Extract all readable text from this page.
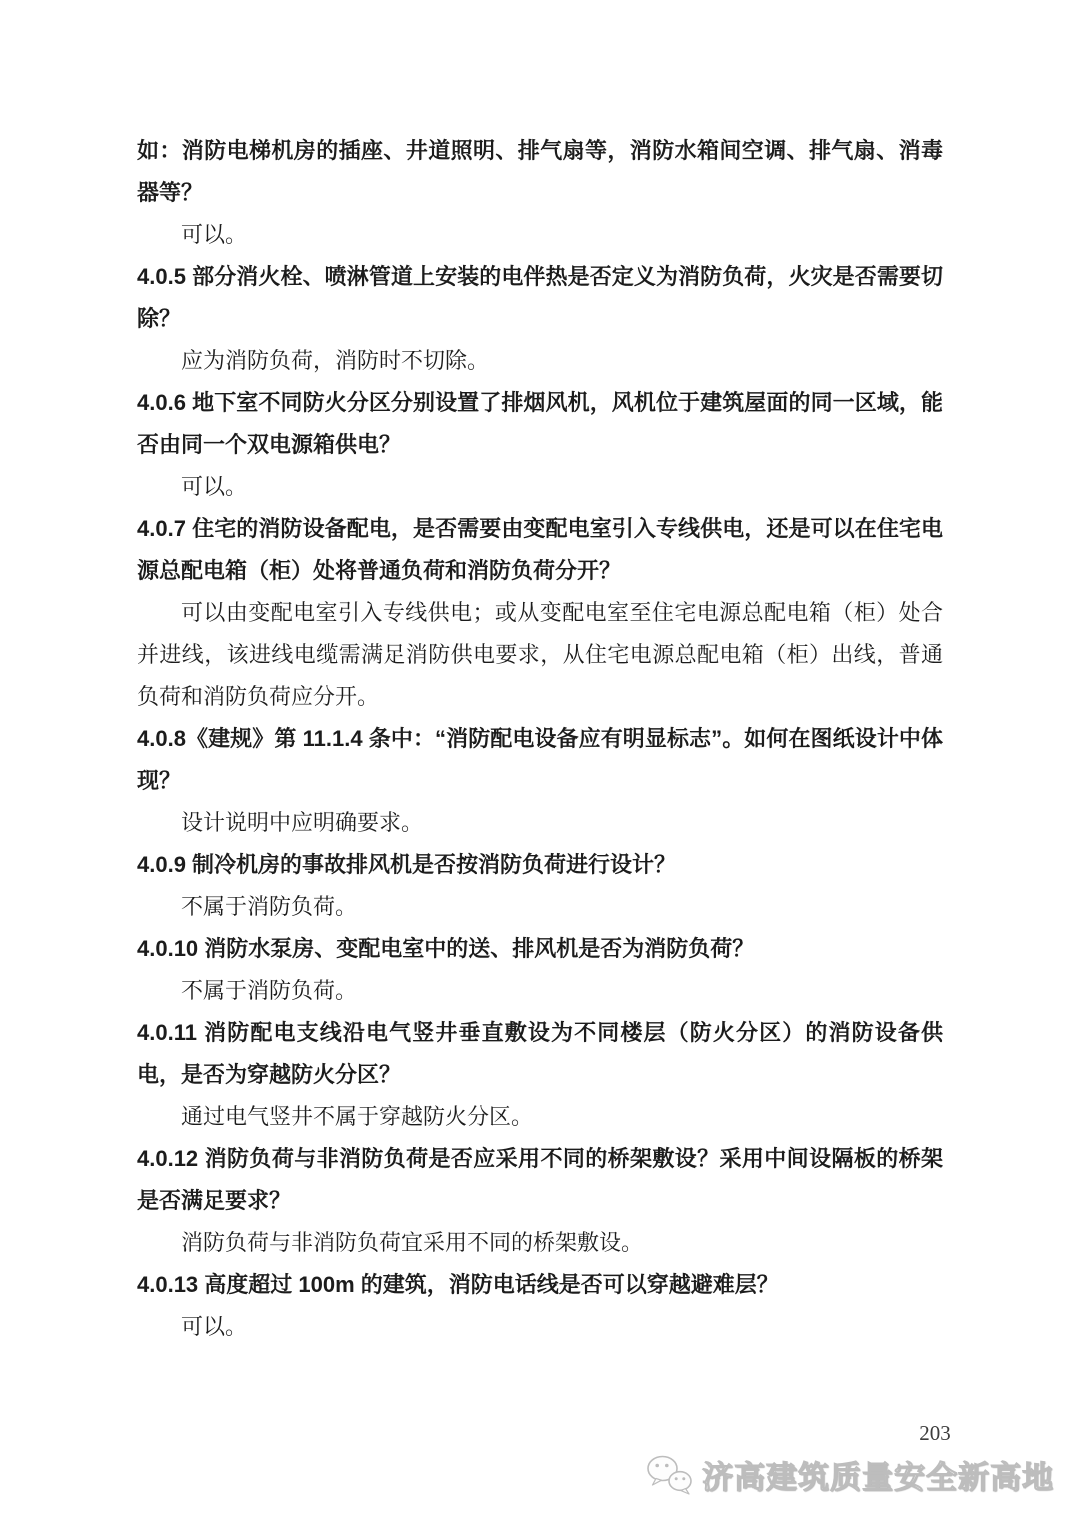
如：消防电梯机房的插座、井道照明、排气扇等，消防水箱间空调、排气扇、消毒器等？

可以。

4.0.5 部分消火栓、喷淋管道上安装的电伴热是否定义为消防负荷，火灾是否需要切除？

应为消防负荷，消防时不切除。

4.0.6 地下室不同防火分区分别设置了排烟风机，风机位于建筑屋面的同一区域，能否由同一个双电源箱供电？

可以。

4.0.7 住宅的消防设备配电，是否需要由变配电室引入专线供电，还是可以在住宅电源总配电箱（柜）处将普通负荷和消防负荷分开？

可以由变配电室引入专线供电；或从变配电室至住宅电源总配电箱（柜）处合并进线，该进线电缆需满足消防供电要求，从住宅电源总配电箱（柜）出线，普通负荷和消防负荷应分开。

4.0.8《建规》第 11.1.4 条中：“消防配电设备应有明显标志”。如何在图纸设计中体现？

设计说明中应明确要求。

4.0.9 制冷机房的事故排风机是否按消防负荷进行设计？

不属于消防负荷。

4.0.10 消防水泵房、变配电室中的送、排风机是否为消防负荷？

不属于消防负荷。

4.0.11 消防配电支线沿电气竖井垂直敷设为不同楼层（防火分区）的消防设备供电，是否为穿越防火分区？

通过电气竖井不属于穿越防火分区。

4.0.12 消防负荷与非消防负荷是否应采用不同的桥架敷设？采用中间设隔板的桥架是否满足要求？

消防负荷与非消防负荷宜采用不同的桥架敷设。

4.0.13 高度超过 100m 的建筑，消防电话线是否可以穿越避难层？

可以。

203
济高建筑质量安全新高地
